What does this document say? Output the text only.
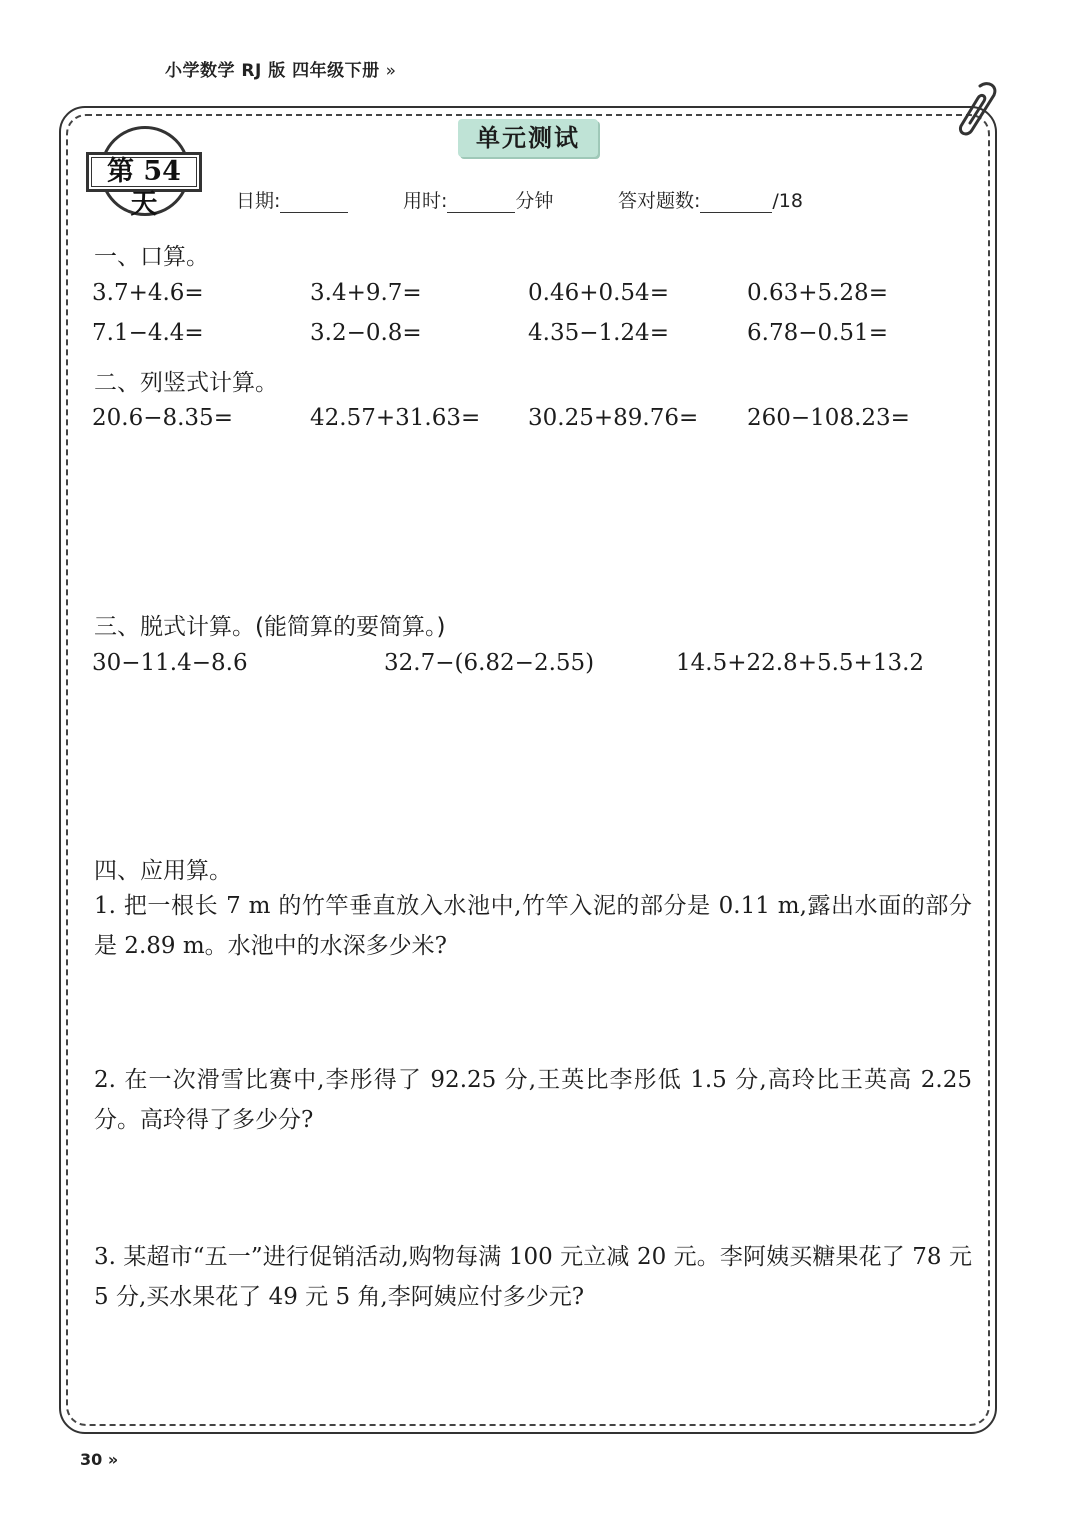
小学数学 RJ 版 四年级下册 »
单元测试
第 54 天	日期:	用时:	分钟	答对题数:	/18
一、口算。
3.7+4.6=	3.4+9.7=	0.46+0.54=	0.63+5.28=
7.1−4.4=	3.2−0.8=	4.35−1.24=	6.78−0.51=
二、列竖式计算。
20.6−8.35=	42.57+31.63= 30.25+89.76= 260−108.23=
三、脱式计算。(能简算的要简算。)
30−11.4−8.6	32.7−(6.82−2.55)	14.5+22.8+5.5+13.2
四、应用算。
1. 把一根长 7 m 的竹竿垂直放入水池中,竹竿入泥的部分是 0.11 m,露出水面的部分是 2.89 m。水池中的水深多少米?
2. 在一次滑雪比赛中,李彤得了 92.25 分,王英比李彤低 1.5 分,高玲比王英高 2.25 分。高玲得了多少分?
3. 某超市“五一”进行促销活动,购物每满 100 元立减 20 元。李阿姨买糖果花了 78 元 5 分,买水果花了 49 元 5 角,李阿姨应付多少元?
30 »
